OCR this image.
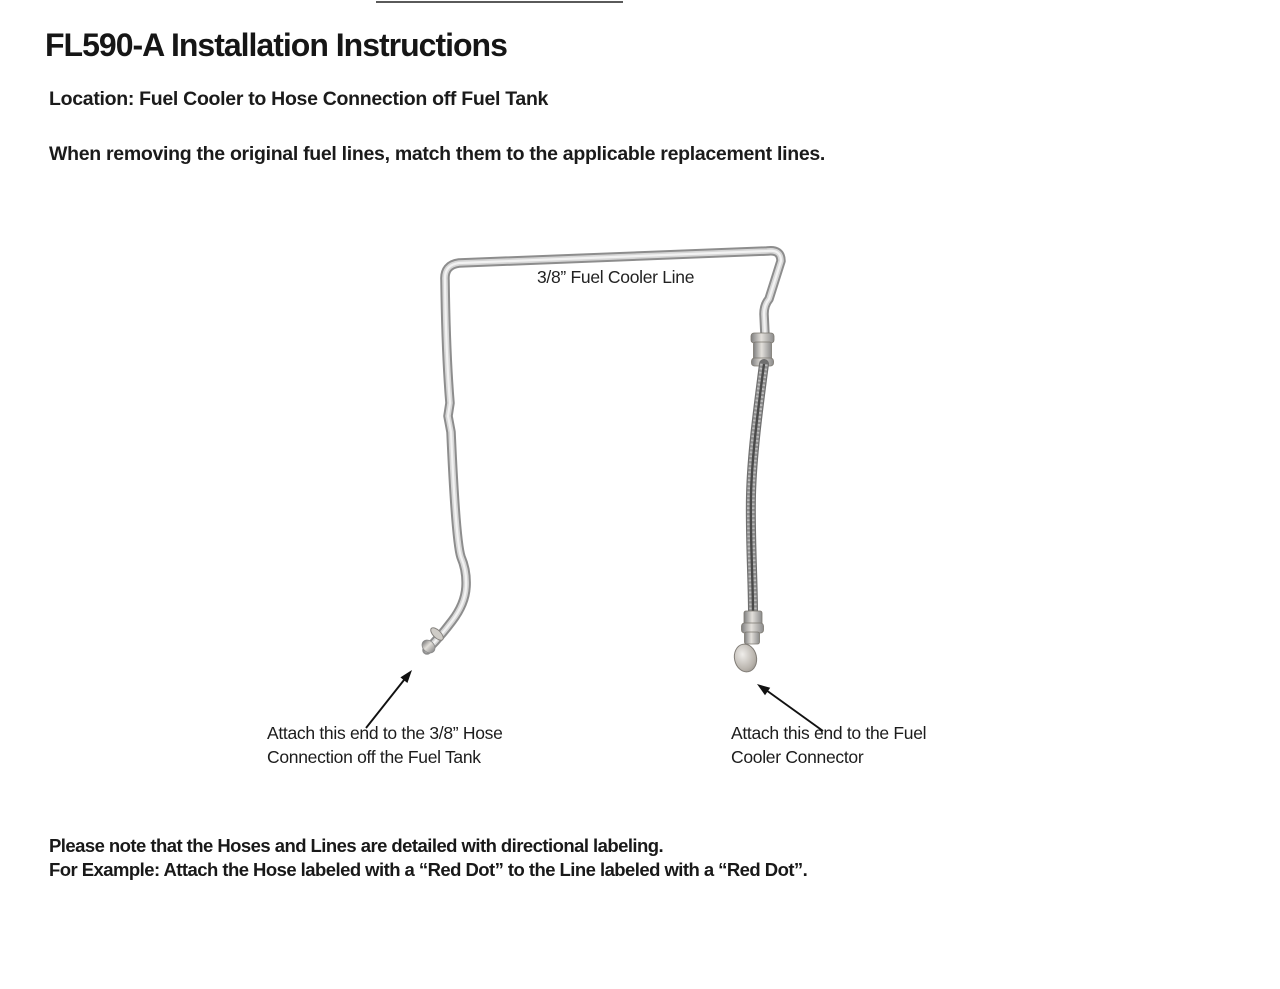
FL590-A Installation Instructions
Location: Fuel Cooler to Hose Connection off Fuel Tank
When removing the original fuel lines, match them to the applicable replacement lines.
3/8” Fuel Cooler Line
Attach this end to the 3/8” Hose
Connection off the Fuel Tank
Attach this end to the Fuel
Cooler Connector
Please note that the Hoses and Lines are detailed with directional labeling.
For Example: Attach the Hose labeled with a “Red Dot” to the Line labeled with a “Red Dot”.
